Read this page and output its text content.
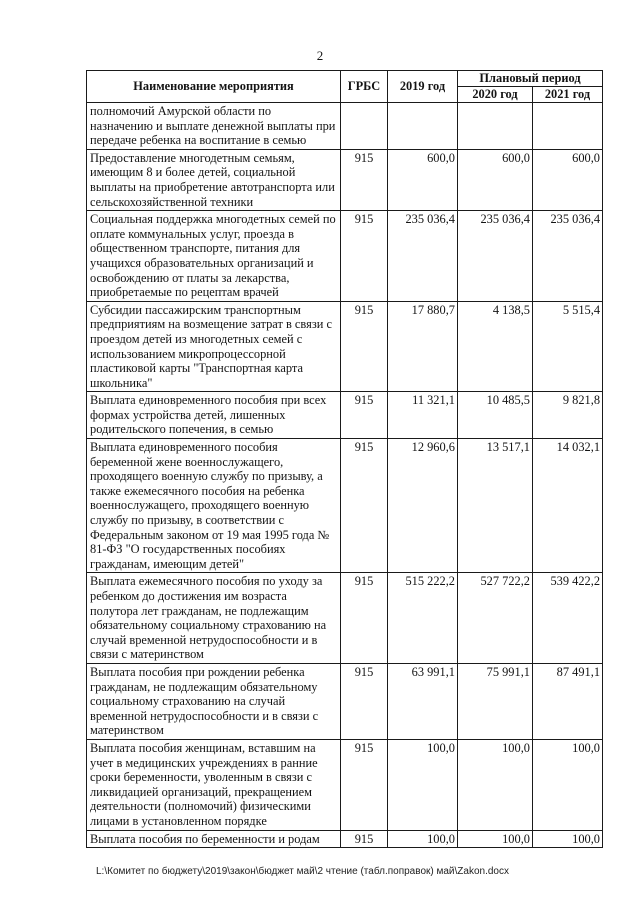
2
Наименование мероприятия	ГРБС	2019 год	Плановый период	
			2020 год	2021 год
полномочий Амурской области по назначению и выплате денежной выплаты при передаче ребенка на воспитание в семью				
Предоставление многодетным семьям, имеющим 8 и более детей, социальной выплаты на приобретение автотранспорта или сельскохозяйственной техники	915	600,0	600,0	600,0
Социальная поддержка многодетных семей по оплате коммунальных услуг, проезда в общественном транспорте, питания для учащихся образовательных организаций и освобождению от платы за лекарства, приобретаемые по рецептам врачей	915	235 036,4	235 036,4	235 036,4
Субсидии пассажирским транспортным предприятиям на возмещение затрат в связи с проездом детей из многодетных семей с использованием микропроцессорной пластиковой карты "Транспортная карта школьника"	915	17 880,7	4 138,5	5 515,4
Выплата единовременного пособия при всех формах устройства детей, лишенных родительского попечения, в семью	915	11 321,1	10 485,5	9 821,8
Выплата единовременного пособия беременной жене военнослужащего, проходящего военную службу по призыву, а также ежемесячного пособия на ребенка военнослужащего, проходящего военную службу по призыву, в соответствии с Федеральным законом от 19 мая 1995 года № 81-ФЗ "О государственных пособиях гражданам, имеющим детей"	915	12 960,6	13 517,1	14 032,1
Выплата ежемесячного пособия по уходу за ребенком до достижения им возраста полутора лет гражданам, не подлежащим обязательному социальному страхованию на случай временной нетрудоспособности и в связи с материнством	915	515 222,2	527 722,2	539 422,2
Выплата пособия при рождении ребенка гражданам, не подлежащим обязательному социальному страхованию на случай временной нетрудоспособности и в связи с материнством	915	63 991,1	75 991,1	87 491,1
Выплата пособия женщинам, вставшим на учет в медицинских учреждениях в ранние сроки беременности, уволенным в связи с ликвидацией организаций, прекращением деятельности (полномочий) физическими лицами в установленном порядке	915	100,0	100,0	100,0
Выплата пособия по беременности и родам	915	100,0	100,0	100,0
L:\Комитет по бюджету\2019\закон\бюджет май\2 чтение (табл.поправок) май\Zakon.docx
